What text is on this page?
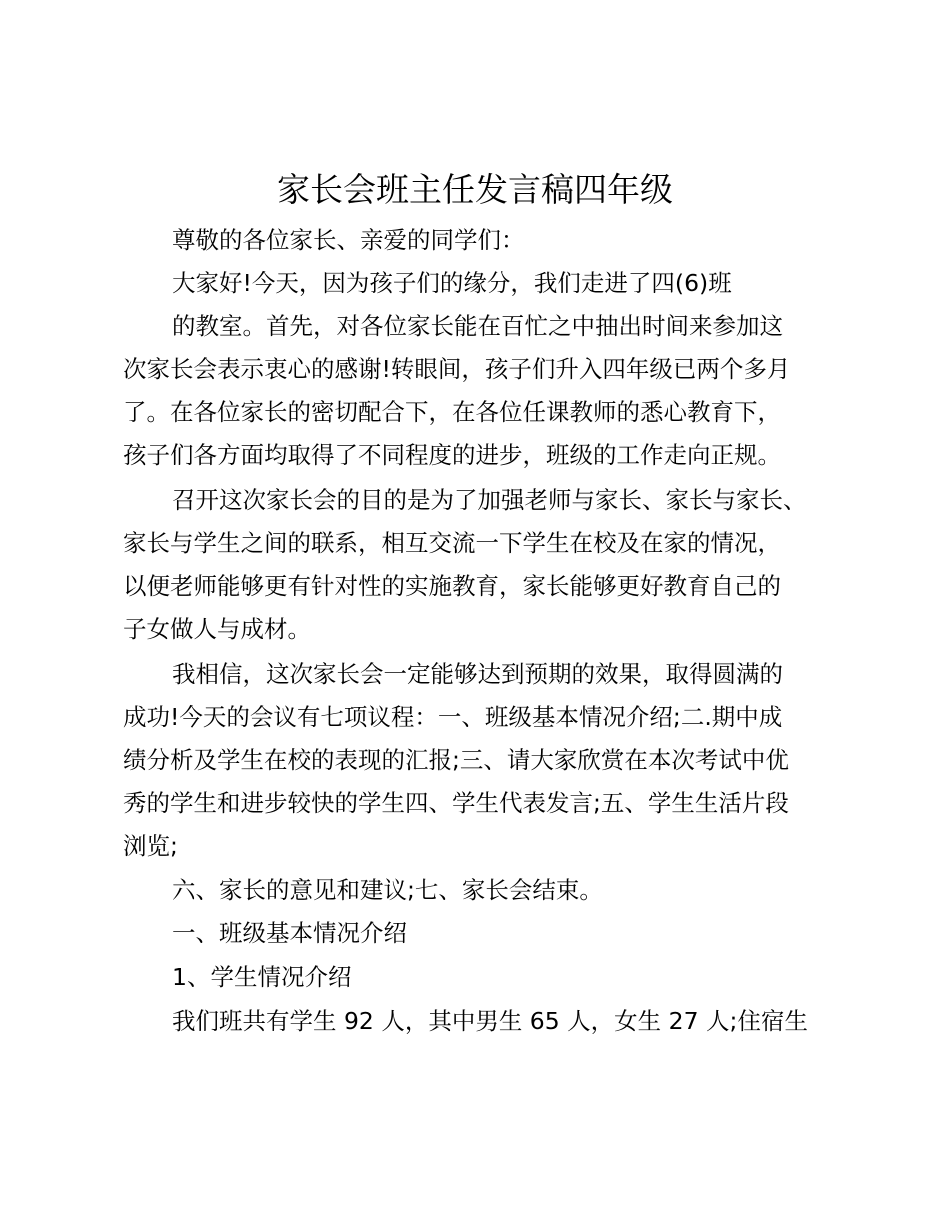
家长会班主任发言稿四年级
尊敬的各位家长、亲爱的同学们：
大家好!今天，因为孩子们的缘分，我们走进了四(6)班
的教室。首先，对各位家长能在百忙之中抽出时间来参加这
次家长会表示衷心的感谢!转眼间，孩子们升入四年级已两个多月
了。在各位家长的密切配合下，在各位任课教师的悉心教育下，
孩子们各方面均取得了不同程度的进步，班级的工作走向正规。
召开这次家长会的目的是为了加强老师与家长、家长与家长、
家长与学生之间的联系，相互交流一下学生在校及在家的情况，
以便老师能够更有针对性的实施教育，家长能够更好教育自己的
子女做人与成材。
我相信，这次家长会一定能够达到预期的效果，取得圆满的
成功!今天的会议有七项议程：一、班级基本情况介绍;二.期中成
绩分析及学生在校的表现的汇报;三、请大家欣赏在本次考试中优
秀的学生和进步较快的学生四、学生代表发言;五、学生生活片段
浏览;
六、家长的意见和建议;七、家长会结束。
一、班级基本情况介绍
1、学生情况介绍
我们班共有学生 92 人，其中男生 65 人，女生 27 人;住宿生
